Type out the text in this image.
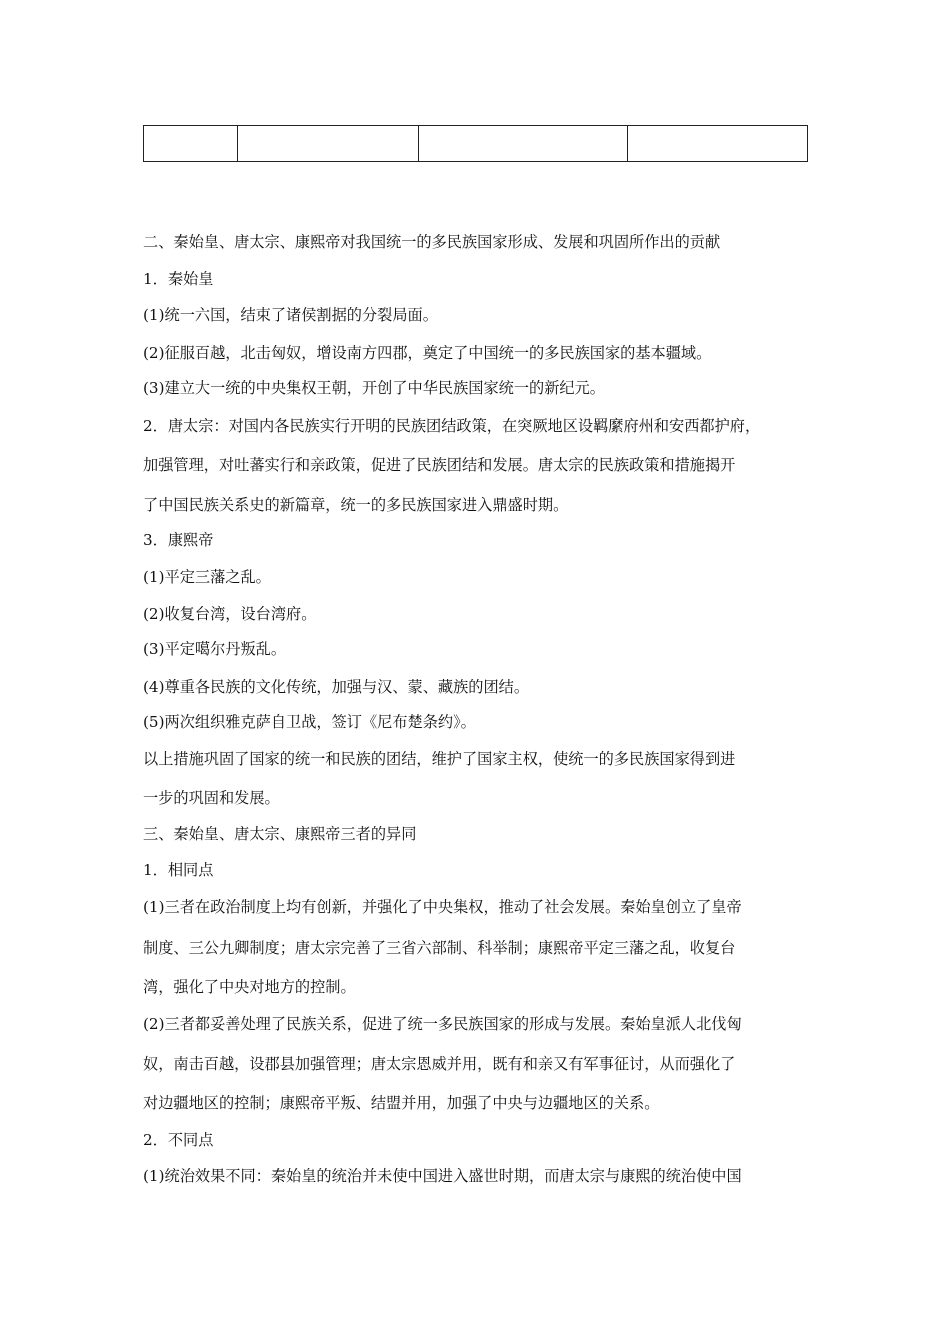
二、秦始皇、唐太宗、康熙帝对我国统一的多民族国家形成、发展和巩固所作出的贡献
1．秦始皇
(1)统一六国，结束了诸侯割据的分裂局面。
(2)征服百越，北击匈奴，增设南方四郡，奠定了中国统一的多民族国家的基本疆域。
(3)建立大一统的中央集权王朝，开创了中华民族国家统一的新纪元。
2．唐太宗：对国内各民族实行开明的民族团结政策，在突厥地区设羁縻府州和安西都护府，
加强管理，对吐蕃实行和亲政策，促进了民族团结和发展。唐太宗的民族政策和措施揭开
了中国民族关系史的新篇章，统一的多民族国家进入鼎盛时期。
3．康熙帝
(1)平定三藩之乱。
(2)收复台湾，设台湾府。
(3)平定噶尔丹叛乱。
(4)尊重各民族的文化传统，加强与汉、蒙、藏族的团结。
(5)两次组织雅克萨自卫战，签订《尼布楚条约》。
以上措施巩固了国家的统一和民族的团结，维护了国家主权，使统一的多民族国家得到进
一步的巩固和发展。
三、秦始皇、唐太宗、康熙帝三者的异同
1．相同点
(1)三者在政治制度上均有创新，并强化了中央集权，推动了社会发展。秦始皇创立了皇帝
制度、三公九卿制度；唐太宗完善了三省六部制、科举制；康熙帝平定三藩之乱，收复台
湾，强化了中央对地方的控制。
(2)三者都妥善处理了民族关系，促进了统一多民族国家的形成与发展。秦始皇派人北伐匈
奴，南击百越，设郡县加强管理；唐太宗恩威并用，既有和亲又有军事征讨，从而强化了
对边疆地区的控制；康熙帝平叛、结盟并用，加强了中央与边疆地区的关系。
2．不同点
(1)统治效果不同：秦始皇的统治并未使中国进入盛世时期，而唐太宗与康熙的统治使中国
